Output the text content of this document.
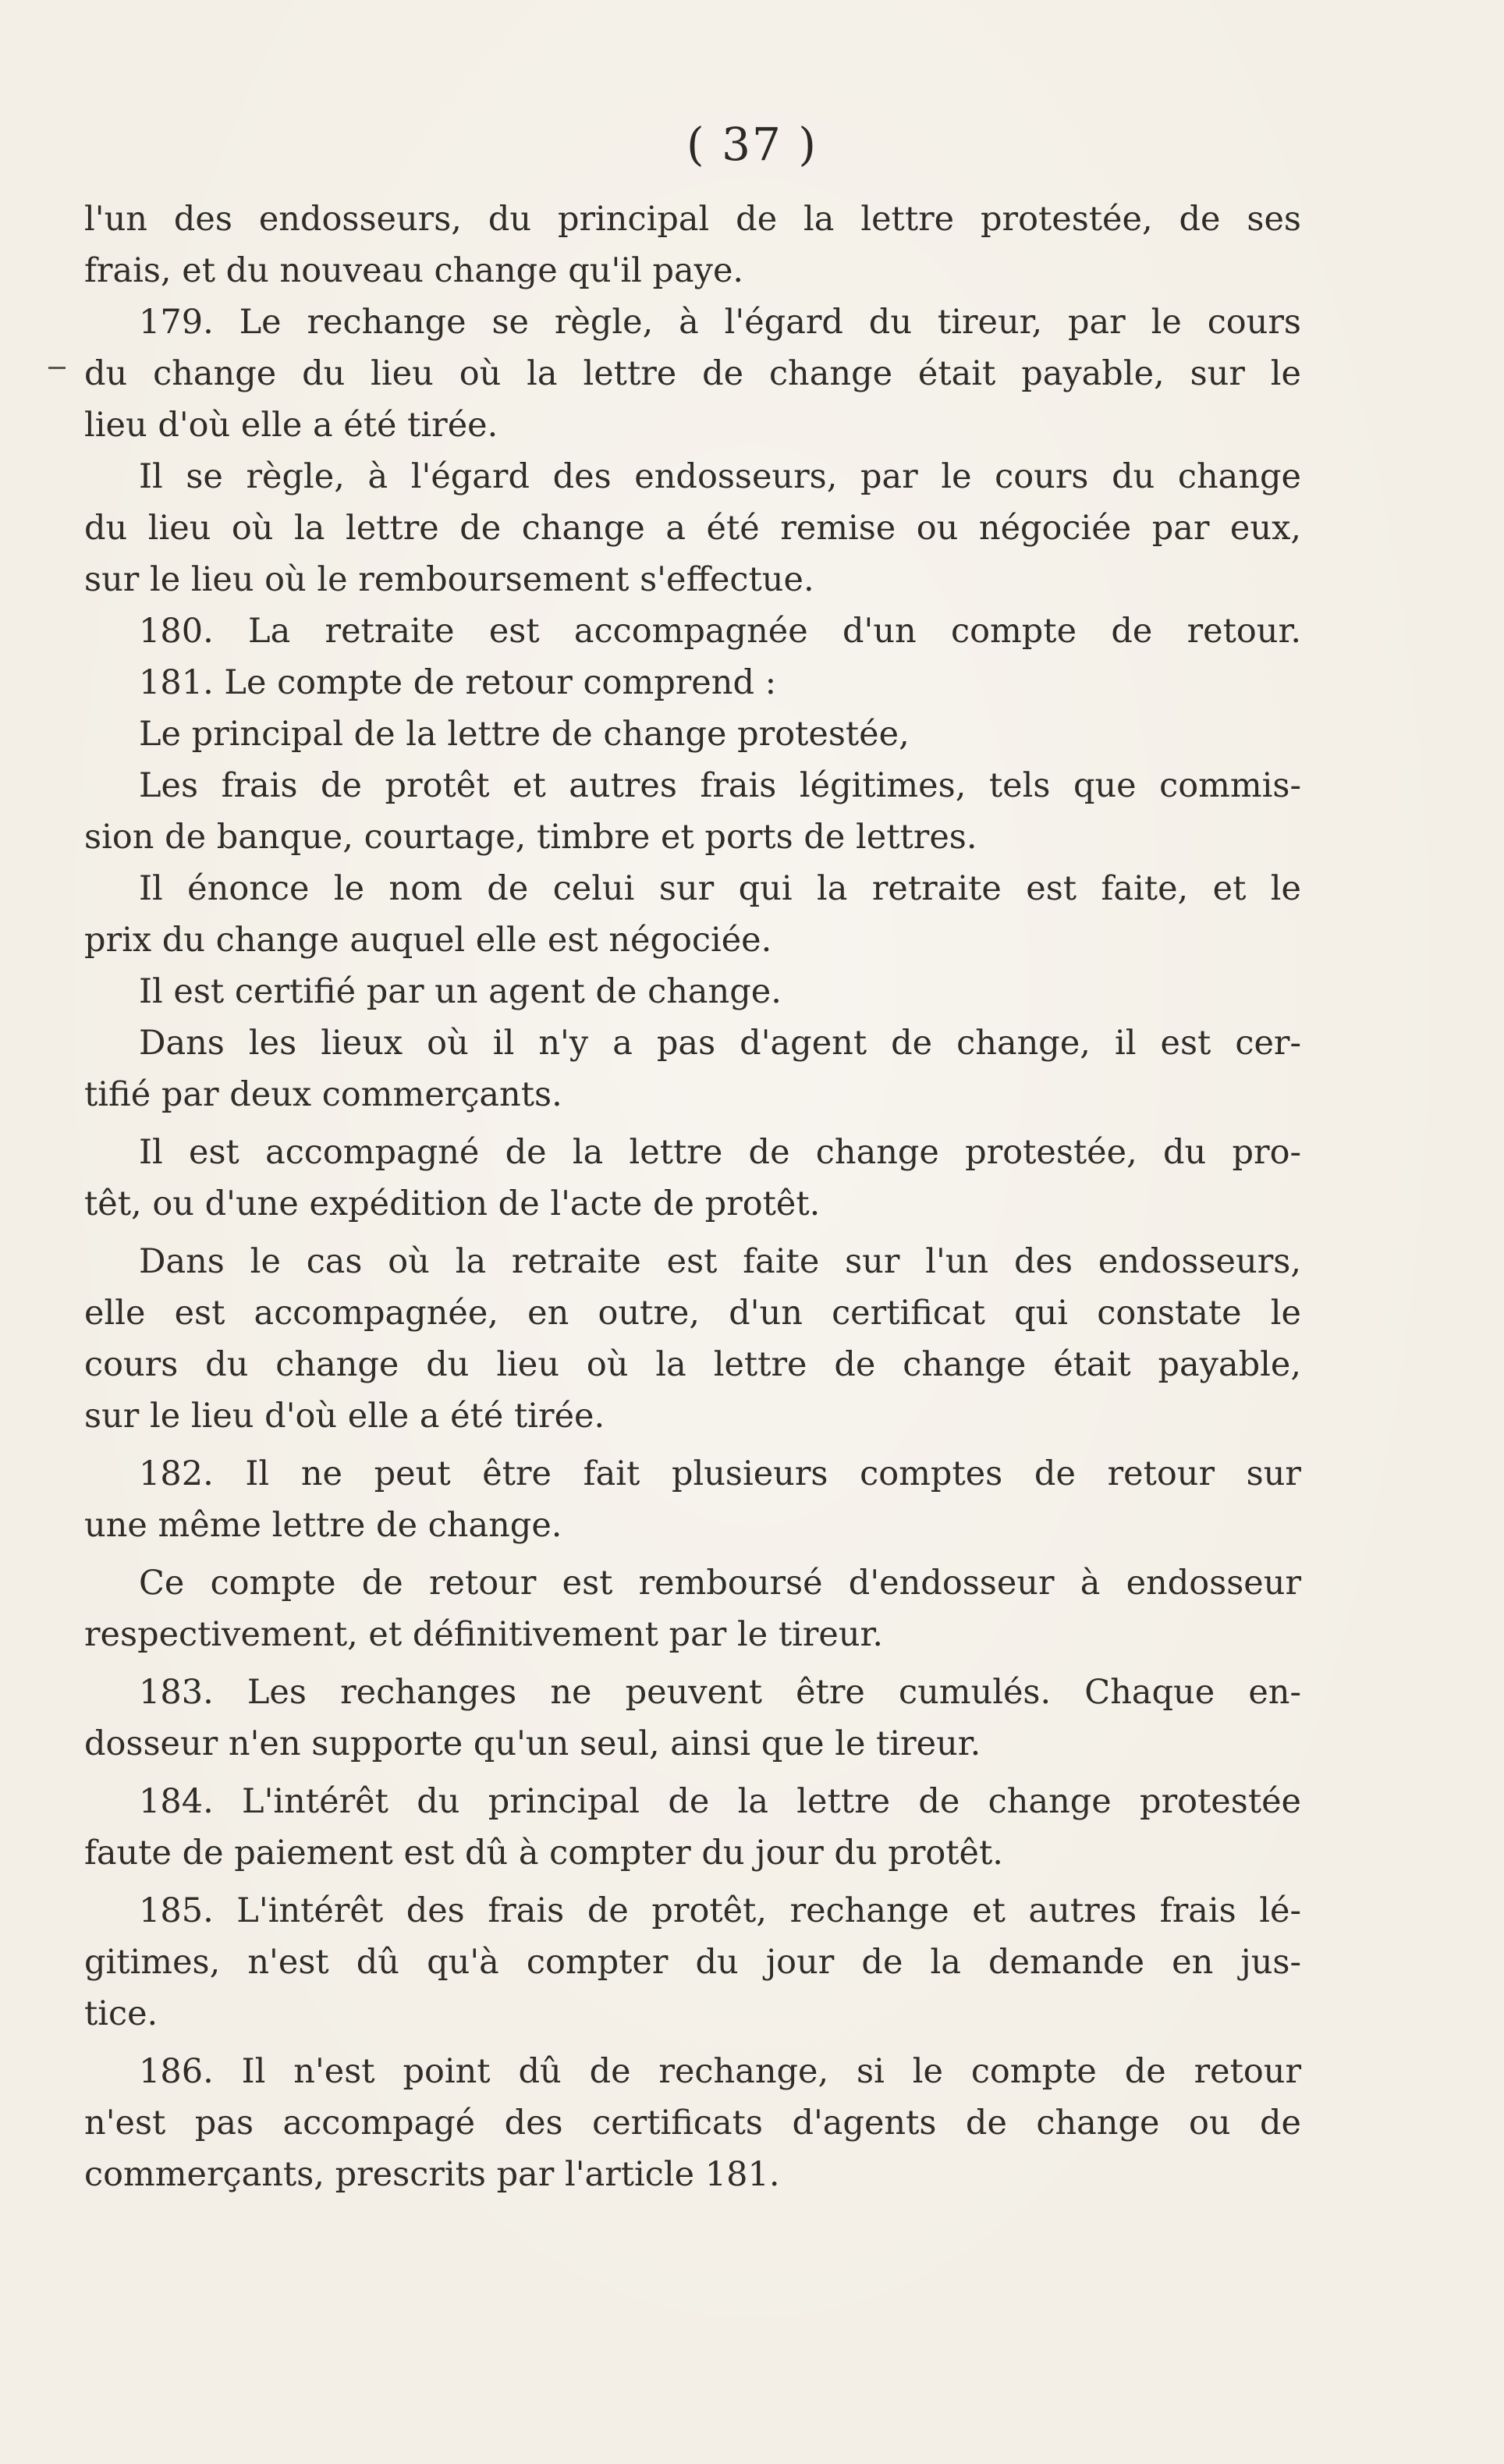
( 37 )
l'un des endosseurs, du principal de la lettre protestée, de ses
frais, et du nouveau change qu'il paye.
179. Le rechange se règle, à l'égard du tireur, par le cours
du change du lieu où la lettre de change était payable, sur le
lieu d'où elle a été tirée.
Il se règle, à l'égard des endosseurs, par le cours du change
du lieu où la lettre de change a été remise ou négociée par eux,
sur le lieu où le remboursement s'effectue.
180. La retraite est accompagnée d'un compte de retour.
181. Le compte de retour comprend :
Le principal de la lettre de change protestée,
Les frais de protêt et autres frais légitimes, tels que commis-
sion de banque, courtage, timbre et ports de lettres.
Il énonce le nom de celui sur qui la retraite est faite, et le
prix du change auquel elle est négociée.
Il est certifié par un agent de change.
Dans les lieux où il n'y a pas d'agent de change, il est cer-
tifié par deux commerçants.
Il est accompagné de la lettre de change protestée, du pro-
têt, ou d'une expédition de l'acte de protêt.
Dans le cas où la retraite est faite sur l'un des endosseurs,
elle est accompagnée, en outre, d'un certificat qui constate le
cours du change du lieu où la lettre de change était payable,
sur le lieu d'où elle a été tirée.
182. Il ne peut être fait plusieurs comptes de retour sur
une même lettre de change.
Ce compte de retour est remboursé d'endosseur à endosseur
respectivement, et définitivement par le tireur.
183. Les rechanges ne peuvent être cumulés. Chaque en-
dosseur n'en supporte qu'un seul, ainsi que le tireur.
184. L'intérêt du principal de la lettre de change protestée
faute de paiement est dû à compter du jour du protêt.
185. L'intérêt des frais de protêt, rechange et autres frais lé-
gitimes, n'est dû qu'à compter du jour de la demande en jus-
tice.
186. Il n'est point dû de rechange, si le compte de retour
n'est pas accompagé des certificats d'agents de change ou de
commerçants, prescrits par l'article 181.
